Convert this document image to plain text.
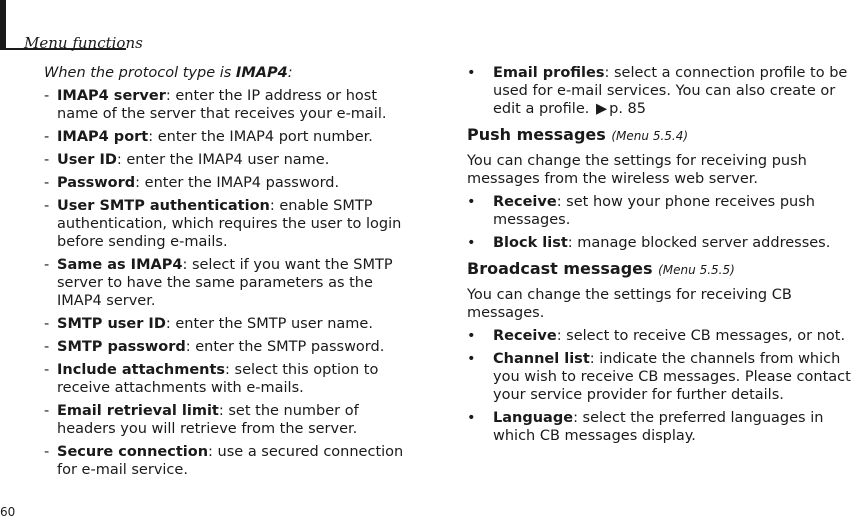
Menu functions

When the protocol type is IMAP4:

- IMAP4 server: enter the IP address or host name of the server that receives your e-mail.
- IMAP4 port: enter the IMAP4 port number.
- User ID: enter the IMAP4 user name.
- Password: enter the IMAP4 password.
- User SMTP authentication: enable SMTP authentication, which requires the user to login before sending e-mails.
- Same as IMAP4: select if you want the SMTP server to have the same parameters as the IMAP4 server.
- SMTP user ID: enter the SMTP user name.
- SMTP password: enter the SMTP password.
- Include attachments: select this option to receive attachments with e-mails.
- Email retrieval limit: set the number of headers you will retrieve from the server.
- Secure connection: use a secured connection for e-mail service.
• Email profiles: select a connection profile to be used for e-mail services. You can also create or edit a profile. ▶ p. 85
Push messages (Menu 5.5.4)

You can change the settings for receiving push messages from the wireless web server.

• Receive: set how your phone receives push messages.
• Block list: manage blocked server addresses.
Broadcast messages (Menu 5.5.5)

You can change the settings for receiving CB messages.

• Receive: select to receive CB messages, or not.
• Channel list: indicate the channels from which you wish to receive CB messages. Please contact your service provider for further details.
• Language: select the preferred languages in which CB messages display.
60
